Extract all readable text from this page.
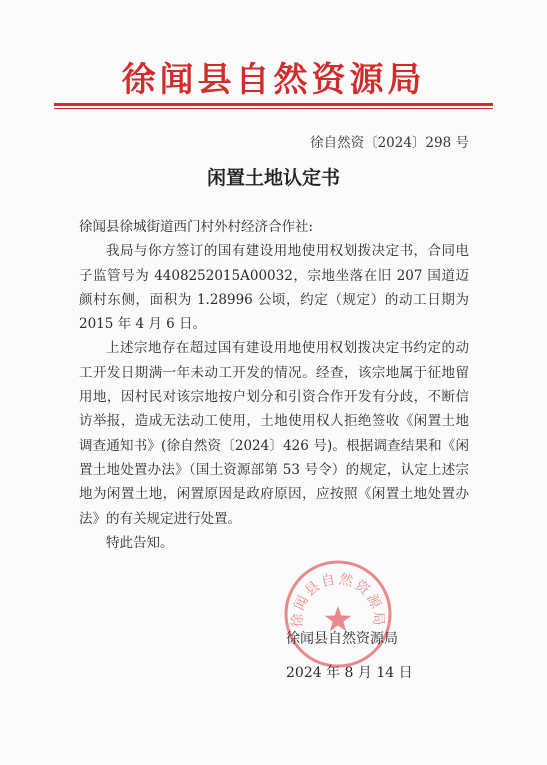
徐闻县自然资源局
徐自然资〔2024〕298 号
闲置土地认定书

徐闻县徐城街道西门村外村经济合作社:

我局与你方签订的国有建设用地使用权划拨决定书，合同电子监管号为 4408252015A00032，宗地坐落在旧 207 国道迈颜村东侧，面积为 1.28996 公顷，约定（规定）的动工日期为 2015 年 4 月 6 日。

上述宗地存在超过国有建设用地使用权划拨决定书约定的动工开发日期满一年未动工开发的情况。经查，该宗地属于征地留用地，因村民对该宗地按户划分和引资合作开发有分歧，不断信访举报，造成无法动工使用，土地使用权人拒绝签收《闲置土地调查通知书》(徐自然资〔2024〕426 号)。根据调查结果和《闲置土地处置办法》（国土资源部第 53 号令）的规定，认定上述宗地为闲置土地，闲置原因是政府原因，应按照《闲置土地处置办法》的有关规定进行处置。

特此告知。

徐闻县自然资源局
徐闻县自然资源局
2024 年 8 月 14 日
